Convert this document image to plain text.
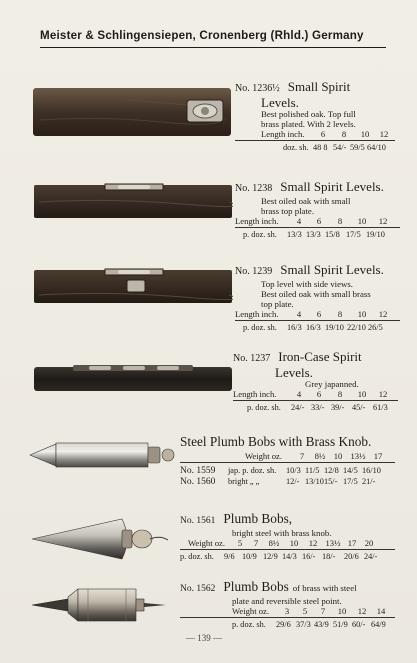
Meister & Schlingensiepen, Cronenberg (Rhld.) Germany
No. 1236½ Small Spirit
Levels.
Best polished oak. Top full
brass plated. With 2 levels.
Length inch.	6	8	10	12
doz. sh. 48 8 54/- 59/5 64/10
No. 1238 Small Spirit Levels.
Best oiled oak with small
brass top plate.
Length inch.	4	6	8	10	12
p. doz. sh.	13/3 13/3 15/8 17/5 19/10
No. 1239 Small Spirit Levels.
Top level with side views.
Best oiled oak with small brass
top plate.
Length inch.	4	6	8	10	12
p. doz. sh.	16/3 16/3 19/10 22/10 26/5
No. 1237 Iron-Case Spirit
Levels.
Grey japanned.
Length inch.	4	6	8	10	12
p. doz. sh.	24/- 33/- 39/- 45/- 61/3
Steel Plumb Bobs with Brass Knob.
Weight oz.	7	8½ 10 13½ 17
No. 1559	jap. p. doz. sh.	10/3 11/5 12/8 14/5 16/10
No. 1560	bright „ „	12/- 13/10 15/- 17/5 21/-
No. 1561 Plumb Bobs,
bright steel with brass knob.
Weight oz.	5	7	8½	10	12 13½ 17 20
p. doz. sh.	9/6 10/9 12/9 14/3 16/- 18/-	20/6 24/-
No. 1562 Plumb Bobs of brass with steel
plate and reversible steel point.
Weight oz.	3	5	7	10	12	14
p. doz. sh.	29/6 37/3 43/9 51/9 60/- 64/9
— 139 —
